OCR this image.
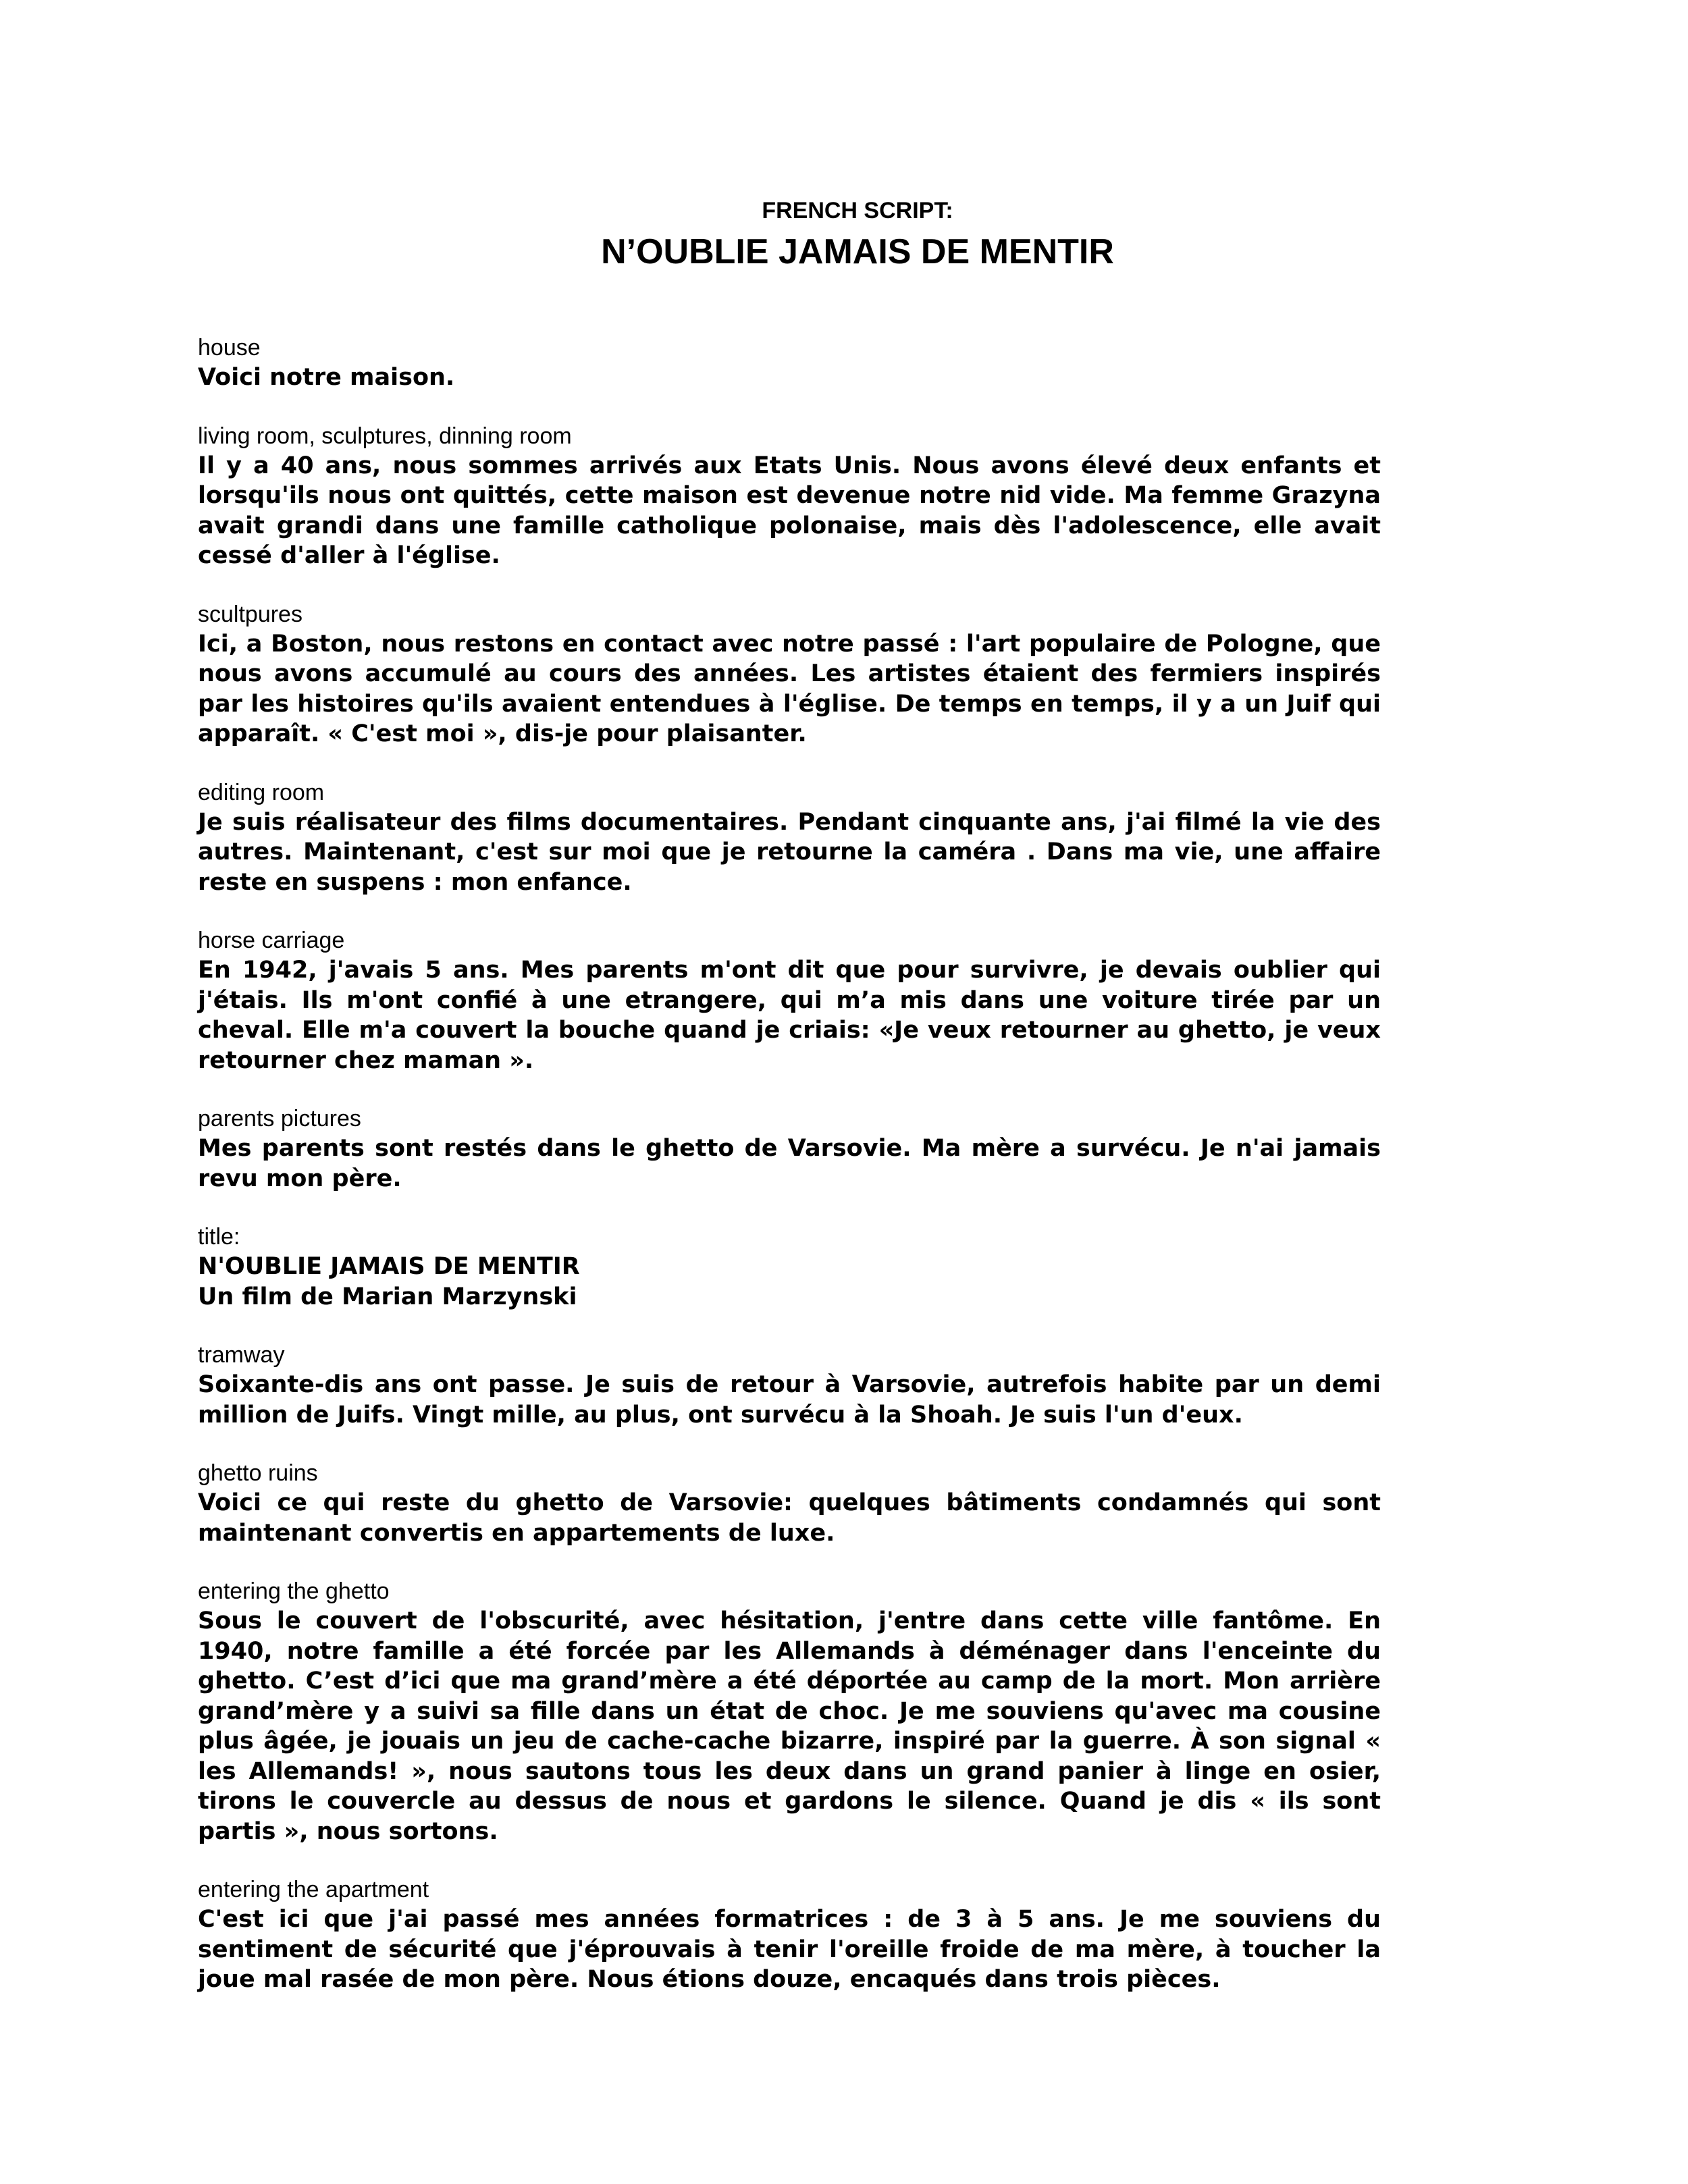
FRENCH SCRIPT:
N’OUBLIE JAMAIS DE MENTIR
house

Voici notre maison.

living room, sculptures, dinning room

Il y a 40 ans, nous sommes arrivés aux Etats Unis. Nous avons élevé deux enfants et lorsqu'ils nous ont quittés, cette maison est devenue notre nid vide. Ma femme Grazyna avait grandi dans une famille catholique polonaise, mais dès l'adolescence, elle avait cessé d'aller à l'église.

scultpures

Ici, a Boston, nous restons en contact avec notre passé : l'art populaire de Pologne, que nous avons accumulé au cours des années. Les artistes étaient des fermiers inspirés par les histoires qu'ils avaient entendues à l'église. De temps en temps, il y a un Juif qui apparaît. « C'est moi », dis-je pour plaisanter.

editing room

Je suis réalisateur des films documentaires. Pendant cinquante ans, j'ai filmé la vie des autres. Maintenant, c'est sur moi que je retourne la caméra . Dans ma vie, une affaire reste en suspens : mon enfance.

horse carriage

En 1942, j'avais 5 ans. Mes parents m'ont dit que pour survivre, je devais oublier qui j'étais. Ils m'ont confié à une etrangere, qui m’a mis dans une voiture tirée par un cheval. Elle m'a couvert la bouche quand je criais: «Je veux retourner au ghetto, je veux retourner chez maman ».

parents pictures

Mes parents sont restés dans le ghetto de Varsovie. Ma mère a survécu. Je n'ai jamais revu mon père.

title:

N'OUBLIE JAMAIS DE MENTIR
Un film de Marian Marzynski

tramway

Soixante-dis ans ont passe. Je suis de retour à Varsovie, autrefois habite par un demi million de Juifs. Vingt mille, au plus, ont survécu à la Shoah. Je suis l'un d'eux.

ghetto ruins

Voici ce qui reste du ghetto de Varsovie: quelques bâtiments condamnés qui sont maintenant convertis en appartements de luxe.

entering the ghetto

Sous le couvert de l'obscurité, avec hésitation, j'entre dans cette ville fantôme. En 1940, notre famille a été forcée par les Allemands à déménager dans l'enceinte du ghetto. C’est d’ici que ma grand’mère a été déportée au camp de la mort. Mon arrière grand’mère y a suivi sa fille dans un état de choc. Je me souviens qu'avec ma cousine plus âgée, je jouais un jeu de cache-cache bizarre, inspiré par la guerre. À son signal « les Allemands! », nous sautons tous les deux dans un grand panier à linge en osier, tirons le couvercle au dessus de nous et gardons le silence. Quand je dis « ils sont partis », nous sortons.

entering the apartment

C'est ici que j'ai passé mes années formatrices : de 3 à 5 ans. Je me souviens du sentiment de sécurité que j'éprouvais à tenir l'oreille froide de ma mère, à toucher la joue mal rasée de mon père. Nous étions douze, encaqués dans trois pièces.
